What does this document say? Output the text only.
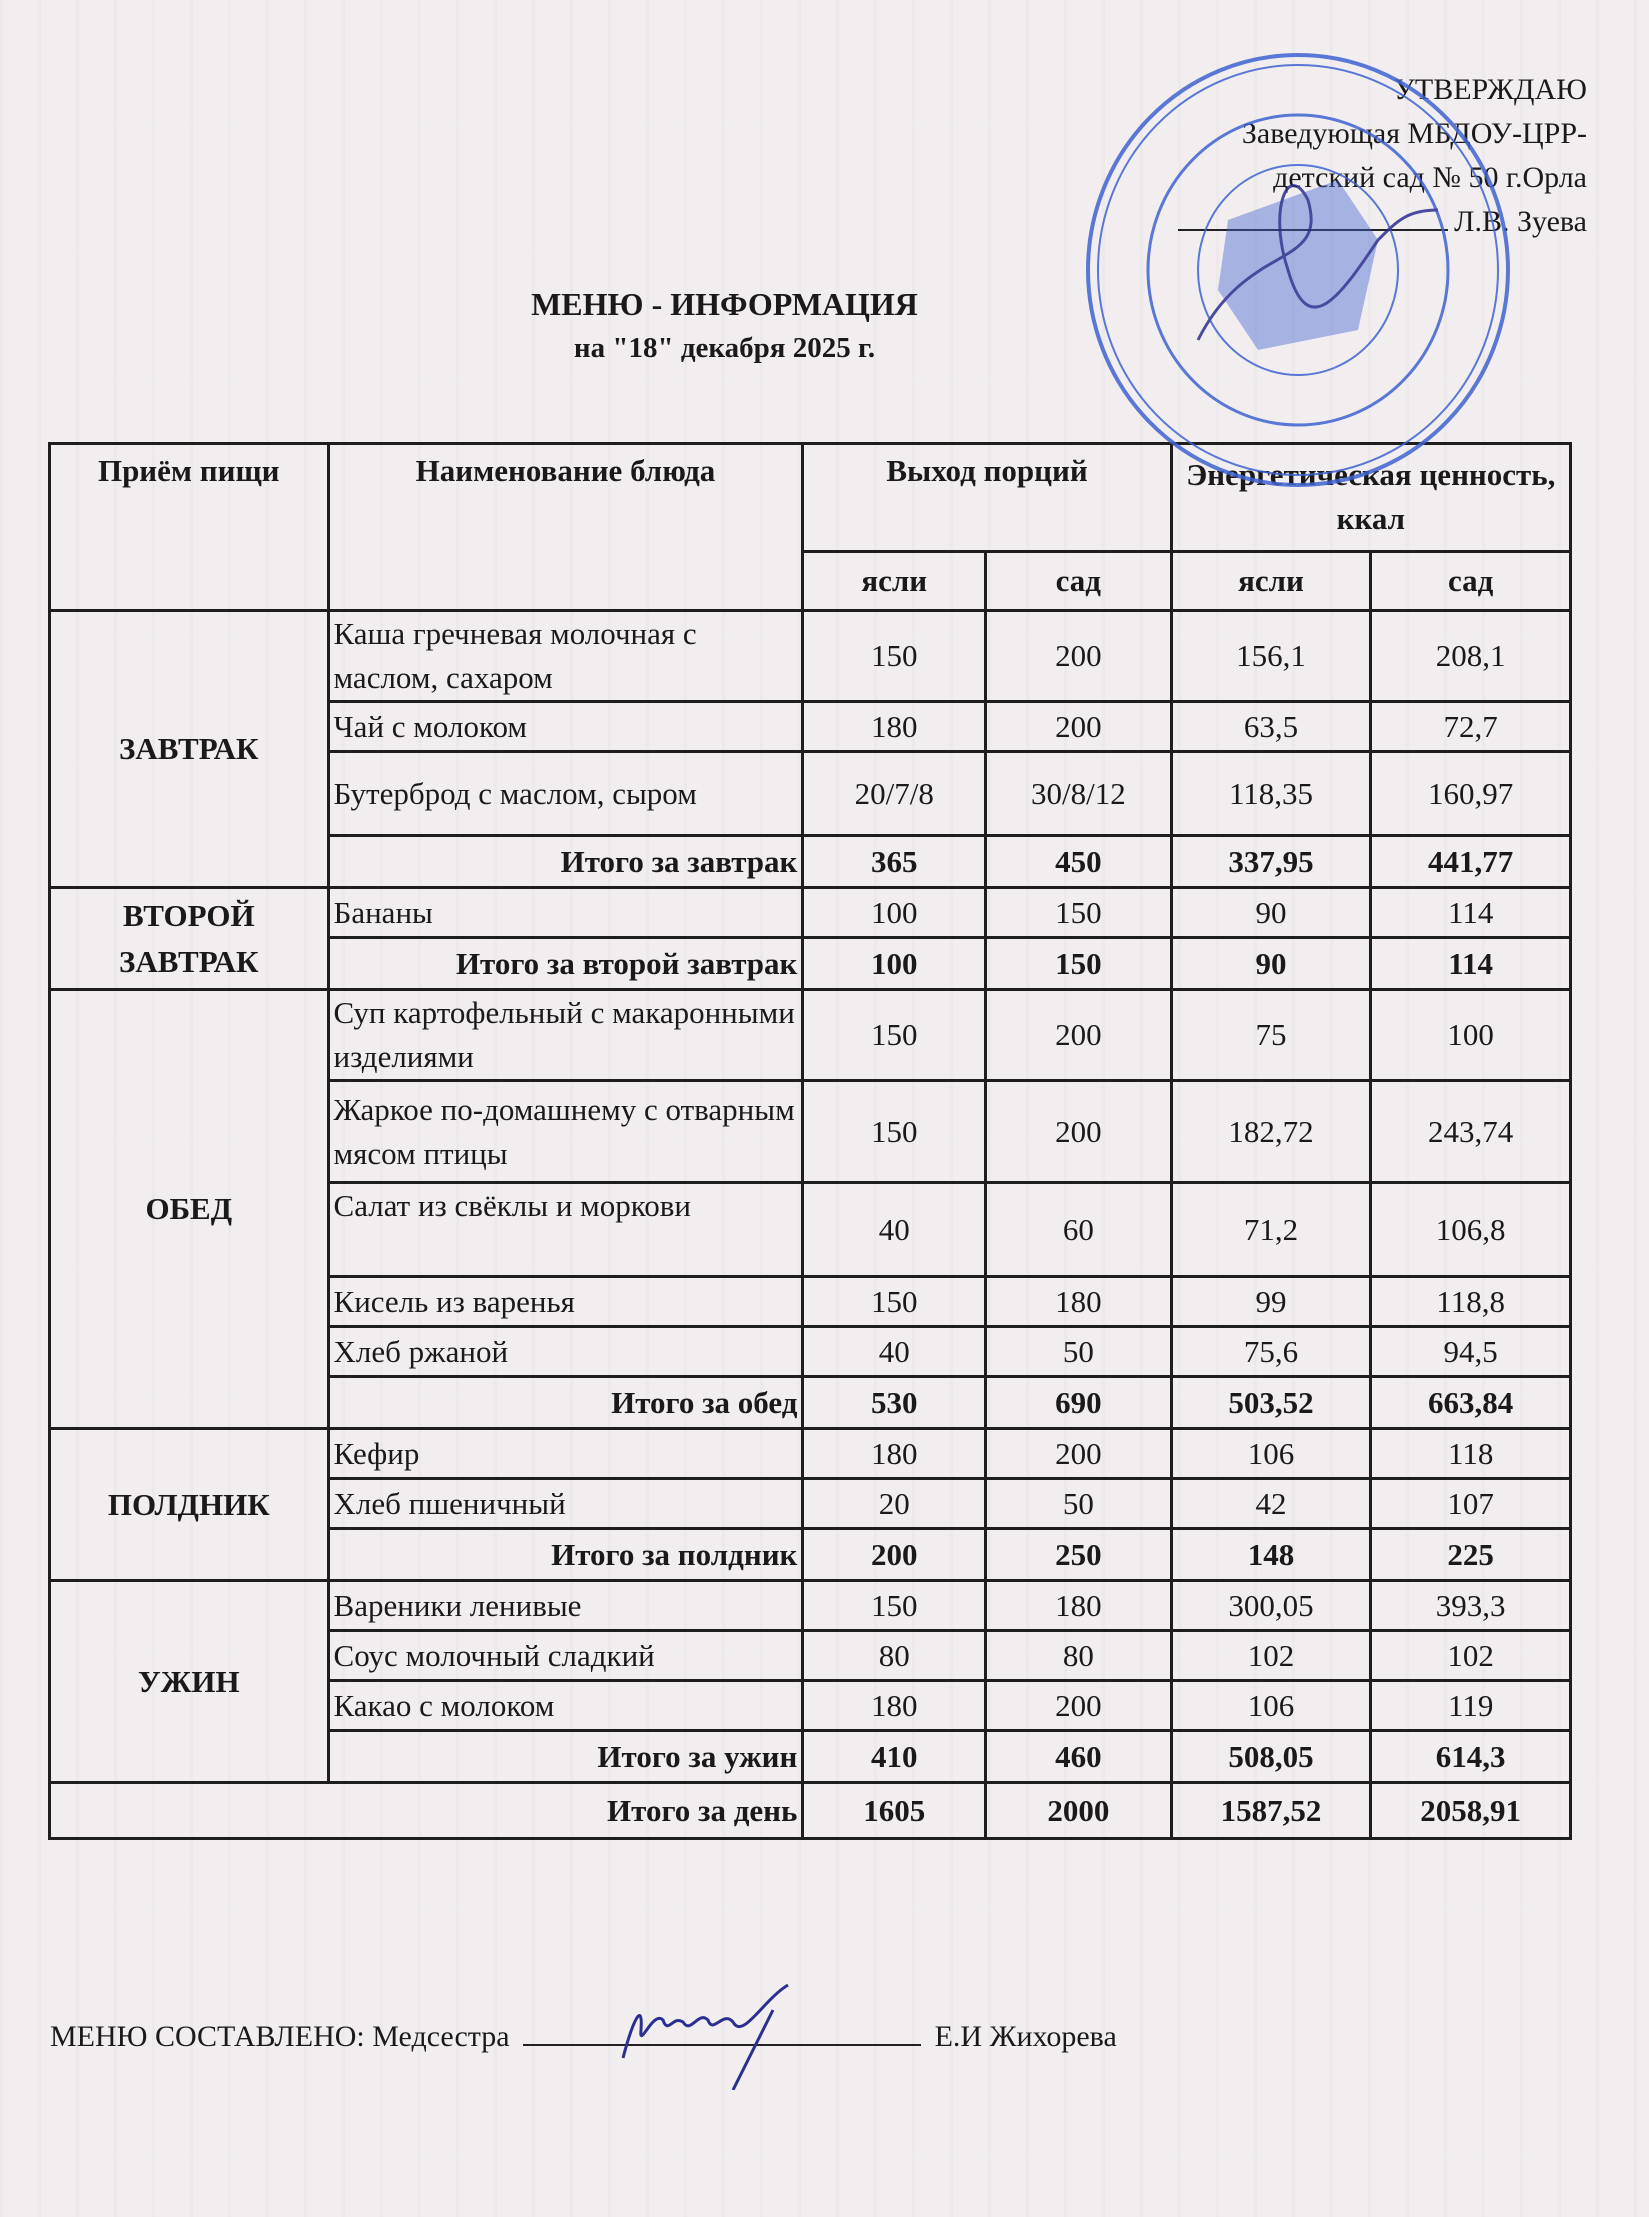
УТВЕРЖДАЮ
Заведующая МБДОУ-ЦРР-
детский сад № 50 г.Орла
Л.В. Зуева
МЕНЮ - ИНФОРМАЦИЯ
на "18" декабря 2025 г.
Приём пищи	Наименование блюда	Выход порций		Энергетическая ценность, ккал	
		ясли	сад	ясли	сад
ЗАВТРАК	Каша гречневая молочная с маслом, сахаром	150	200	156,1	208,1
	Чай с молоком	180	200	63,5	72,7
	Бутерброд с маслом, сыром	20/7/8	30/8/12	118,35	160,97
	Итого за завтрак	365	450	337,95	441,77
ВТОРОЙ ЗАВТРАК	Бананы	100	150	90	114
	Итого за второй завтрак	100	150	90	114
ОБЕД	Суп картофельный с макаронными изделиями	150	200	75	100
	Жаркое по-домашнему с отварным мясом птицы	150	200	182,72	243,74
	Салат из свёклы и моркови	40	60	71,2	106,8
	Кисель из варенья	150	180	99	118,8
	Хлеб ржаной	40	50	75,6	94,5
	Итого за обед	530	690	503,52	663,84
ПОЛДНИК	Кефир	180	200	106	118
	Хлеб пшеничный	20	50	42	107
	Итого за полдник	200	250	148	225
УЖИН	Вареники ленивые	150	180	300,05	393,3
	Соус молочный сладкий	80	80	102	102
	Какао с молоком	180	200	106	119
	Итого за ужин	410	460	508,05	614,3
Итого за день		1605	2000	1587,52	2058,91
МЕНЮ СОСТАВЛЕНО: Медсестра	Е.И Жихорева
